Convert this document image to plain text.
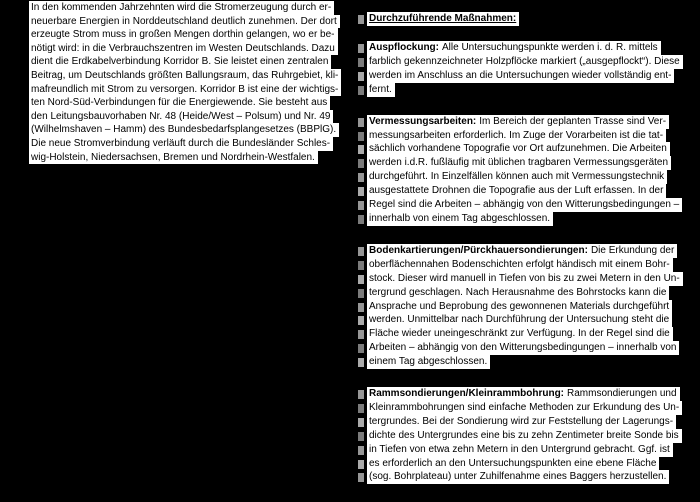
In den kommenden Jahrzehnten wird die Stromerzeugung durch er-
neuerbare Energien in Norddeutschland deutlich zunehmen. Der dort
erzeugte Strom muss in großen Mengen dorthin gelangen, wo er be-
nötigt wird: in die Verbrauchszentren im Westen Deutschlands. Dazu
dient die Erdkabelverbindung Korridor B. Sie leistet einen zentralen
Beitrag, um Deutschlands größten Ballungsraum, das Ruhrgebiet, kli-
mafreundlich mit Strom zu versorgen. Korridor B ist eine der wichtigs-
ten Nord-Süd-Verbindungen für die Energiewende. Sie besteht aus
den Leitungsbauvorhaben Nr. 48 (Heide/West – Polsum) und Nr. 49
(Wilhelmshaven – Hamm) des Bundesbedarfsplangesetzes (BBPlG).
Die neue Stromverbindung verläuft durch die Bundesländer Schles-
wig-Holstein, Niedersachsen, Bremen und Nordrhein-Westfalen.
Durchzuführende Maßnahmen:
Auspflockung: Alle Untersuchungspunkte werden i. d. R. mittels
farblich gekennzeichneter Holzpflöcke markiert („ausgepflockt“). Diese
werden im Anschluss an die Untersuchungen wieder vollständig ent-
fernt.
Vermessungsarbeiten: Im Bereich der geplanten Trasse sind Ver-
messungsarbeiten erforderlich. Im Zuge der Vorarbeiten ist die tat-
sächlich vorhandene Topografie vor Ort aufzunehmen. Die Arbeiten
werden i.d.R. fußläufig mit üblichen tragbaren Vermessungsgeräten
durchgeführt. In Einzelfällen können auch mit Vermessungstechnik
ausgestattete Drohnen die Topografie aus der Luft erfassen. In der
Regel sind die Arbeiten – abhängig von den Witterungsbedingungen –
innerhalb von einem Tag abgeschlossen.
Bodenkartierungen/Pürckhauersondierungen: Die Erkundung der
oberflächennahen Bodenschichten erfolgt händisch mit einem Bohr-
stock. Dieser wird manuell in Tiefen von bis zu zwei Metern in den Un-
tergrund geschlagen. Nach Herausnahme des Bohrstocks kann die
Ansprache und Beprobung des gewonnenen Materials durchgeführt
werden. Unmittelbar nach Durchführung der Untersuchung steht die
Fläche wieder uneingeschränkt zur Verfügung. In der Regel sind die
Arbeiten – abhängig von den Witterungsbedingungen – innerhalb von
einem Tag abgeschlossen.
Rammsondierungen/Kleinrammbohrung: Rammsondierungen und
Kleinrammbohrungen sind einfache Methoden zur Erkundung des Un-
tergrundes. Bei der Sondierung wird zur Feststellung der Lagerungs-
dichte des Untergrundes eine bis zu zehn Zentimeter breite Sonde bis
in Tiefen von etwa zehn Metern in den Untergrund gebracht. Ggf. ist
es erforderlich an den Untersuchungspunkten eine ebene Fläche
(sog. Bohrplateau) unter Zuhilfenahme eines Baggers herzustellen.
